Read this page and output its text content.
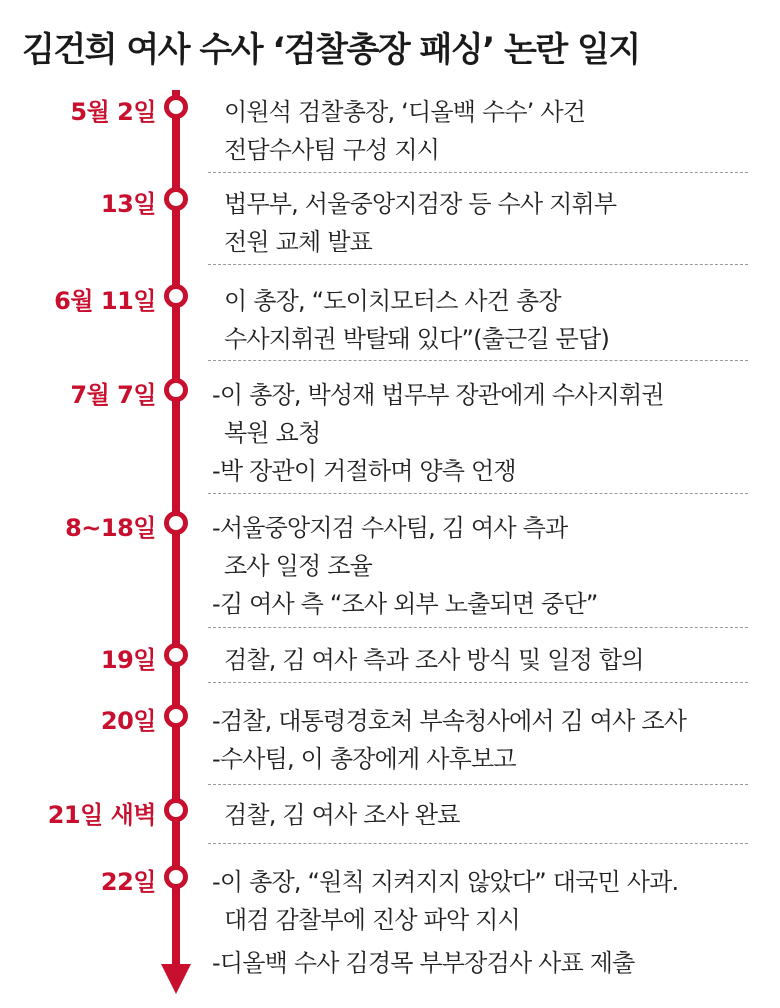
김건희 여사 수사 ‘검찰총장 패싱’ 논란 일지
5월 2일	이원석 검찰총장, ‘디올백 수수’ 사건
전담수사팀 구성 지시
13일	법무부, 서울중앙지검장 등 수사 지휘부
전원 교체 발표
6월 11일	이 총장, “도이치모터스 사건 총장
수사지휘권 박탈돼 있다”(출근길 문답)
7월 7일 -이 총장, 박성재 법무부 장관에게 수사지휘권
복원 요청
-박 장관이 거절하며 양측 언쟁
8~18일 -서울중앙지검 수사팀, 김 여사 측과
조사 일정 조율
-김 여사 측 “조사 외부 노출되면 중단”
19일	검찰, 김 여사 측과 조사 방식 및 일정 합의
20일 -검찰, 대통령경호처 부속청사에서 김 여사 조사
-수사팀, 이 총장에게 사후보고
21일 새벽	검찰, 김 여사 조사 완료
22일 -이 총장, “원칙 지켜지지 않았다” 대국민 사과.
대검 감찰부에 진상 파악 지시
-디올백 수사 김경목 부부장검사 사표 제출
